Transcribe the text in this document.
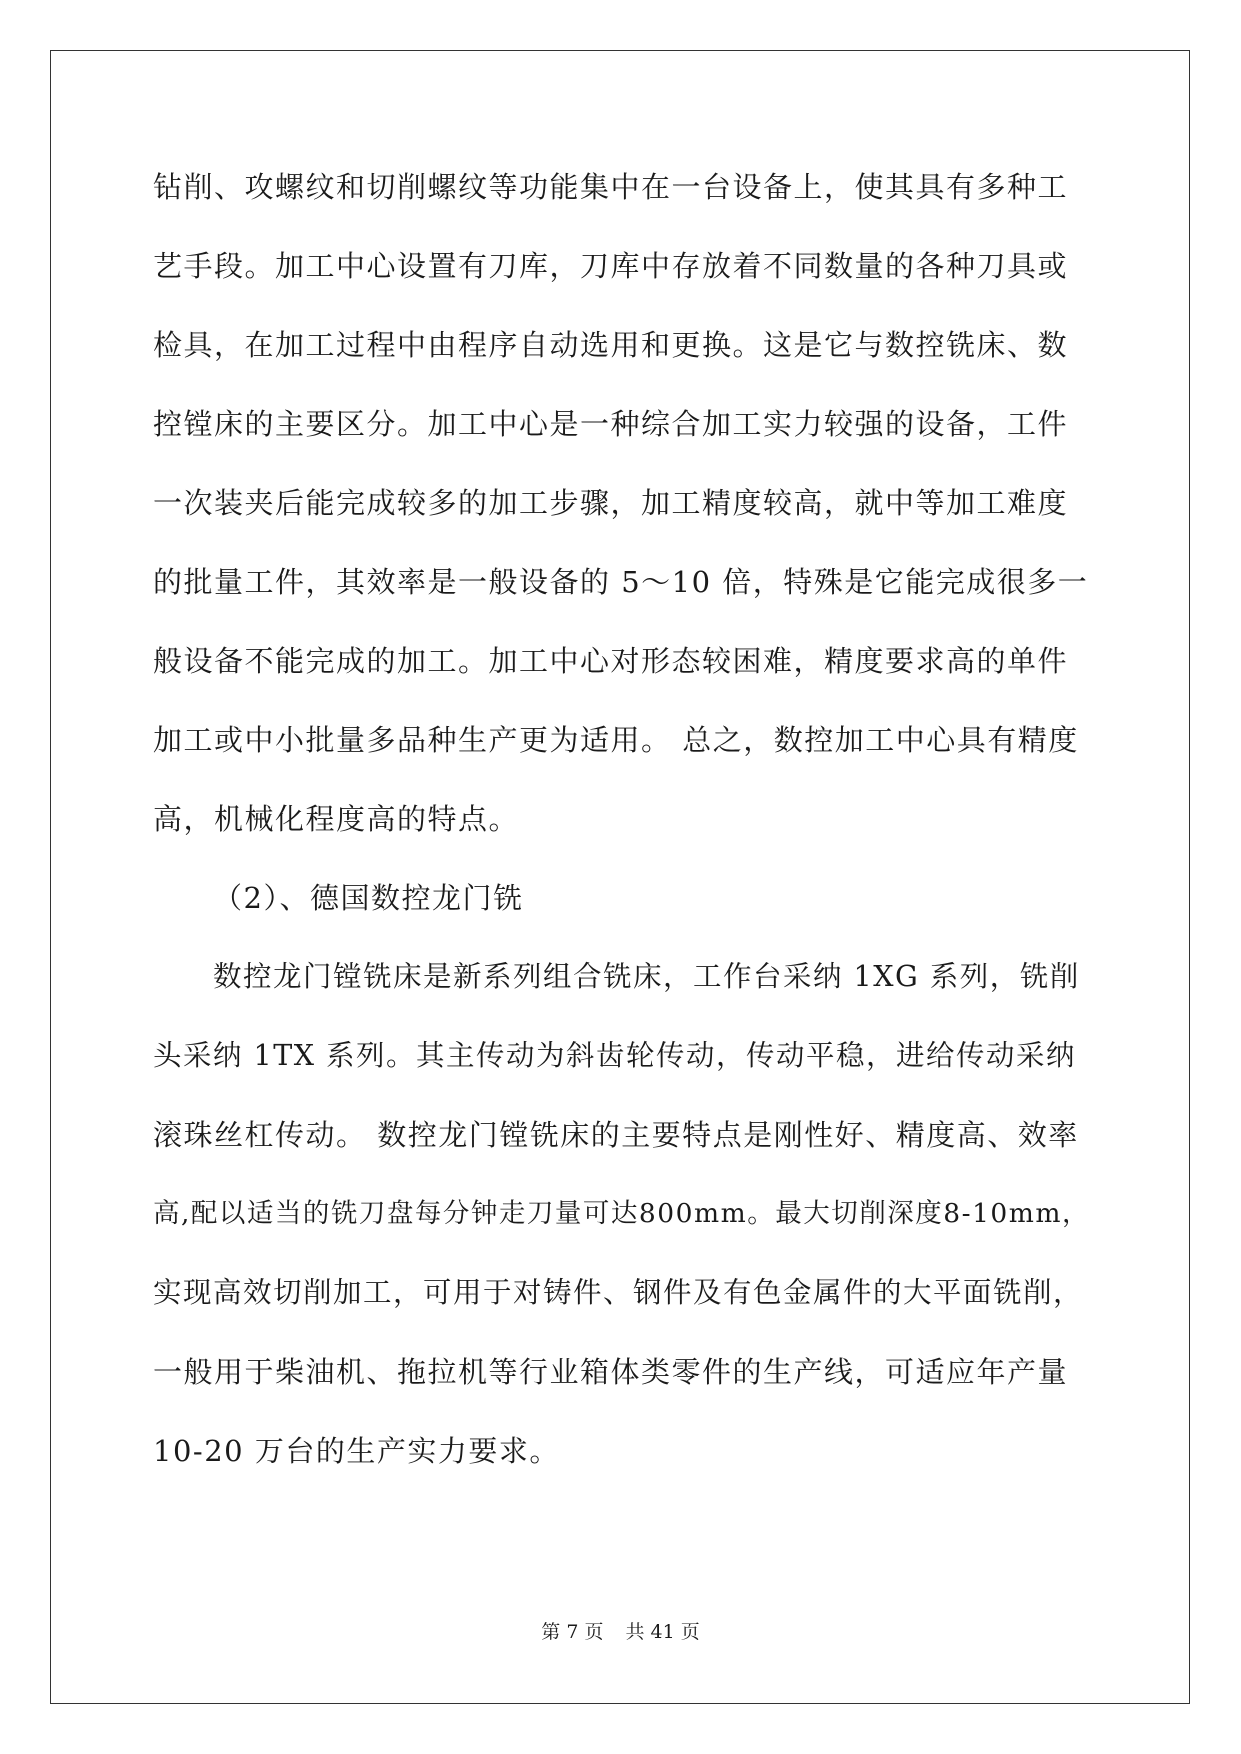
钻削、攻螺纹和切削螺纹等功能集中在一台设备上，使其具有多种工
艺手段。加工中心设置有刀库，刀库中存放着不同数量的各种刀具或
检具，在加工过程中由程序自动选用和更换。这是它与数控铣床、数
控镗床的主要区分。加工中心是一种综合加工实力较强的设备，工件
一次装夹后能完成较多的加工步骤，加工精度较高，就中等加工难度
的批量工件，其效率是一般设备的 5～10 倍，特殊是它能完成很多一
般设备不能完成的加工。加工中心对形态较困难，精度要求高的单件
加工或中小批量多品种生产更为适用。 总之，数控加工中心具有精度
高，机械化程度高的特点。
（2）、德国数控龙门铣
数控龙门镗铣床是新系列组合铣床，工作台采纳 1XG 系列，铣削
头采纳 1TX 系列。其主传动为斜齿轮传动，传动平稳，进给传动采纳
滚珠丝杠传动。 数控龙门镗铣床的主要特点是刚性好、精度高、效率
高,配以适当的铣刀盘每分钟走刀量可达800mm。最大切削深度8-10mm，
实现高效切削加工，可用于对铸件、钢件及有色金属件的大平面铣削，
一般用于柴油机、拖拉机等行业箱体类零件的生产线，可适应年产量
10-20 万台的生产实力要求。
第 7 页 共 41 页
